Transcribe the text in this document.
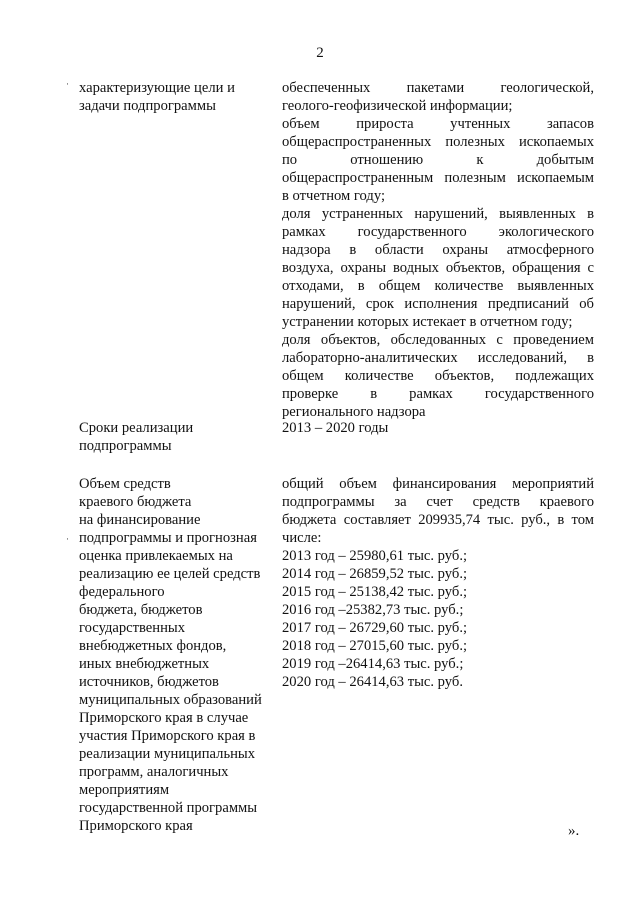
2
·
·
характеризующие цели и
задачи подпрограммы
обеспеченных пакетами геологической,
геолого-геофизической информации;
объем прироста учтенных запасов
общераспространенных полезных ископаемых
по отношению к добытым
общераспространенным полезным ископаемым
в отчетном году;
доля устраненных нарушений, выявленных в
рамках государственного экологического
надзора в области охраны атмосферного
воздуха, охраны водных объектов, обращения с
отходами, в общем количестве выявленных
нарушений, срок исполнения предписаний об
устранении которых истекает в отчетном году;
доля объектов, обследованных с проведением
лабораторно-аналитических исследований, в
общем количестве объектов, подлежащих
проверке в рамках государственного
регионального надзора
Сроки реализации
подпрограммы
2013 – 2020 годы
Объем средств
краевого бюджета
на финансирование
подпрограммы и прогнозная
оценка привлекаемых на
реализацию ее целей средств
федерального
бюджета, бюджетов
государственных
внебюджетных фондов,
иных внебюджетных
источников, бюджетов
муниципальных образований
Приморского края в случае
участия Приморского края в
реализации муниципальных
программ, аналогичных
мероприятиям
государственной программы
Приморского края
общий объем финансирования мероприятий
подпрограммы за счет средств краевого
бюджета составляет 209935,74 тыс. руб., в том
числе:
2013 год – 25980,61 тыс. руб.;
2014 год – 26859,52 тыс. руб.;
2015 год – 25138,42 тыс. руб.;
2016 год –25382,73 тыс. руб.;
2017 год – 26729,60 тыс. руб.;
2018 год – 27015,60 тыс. руб.;
2019 год –26414,63 тыс. руб.;
2020 год – 26414,63 тыс. руб.
».
